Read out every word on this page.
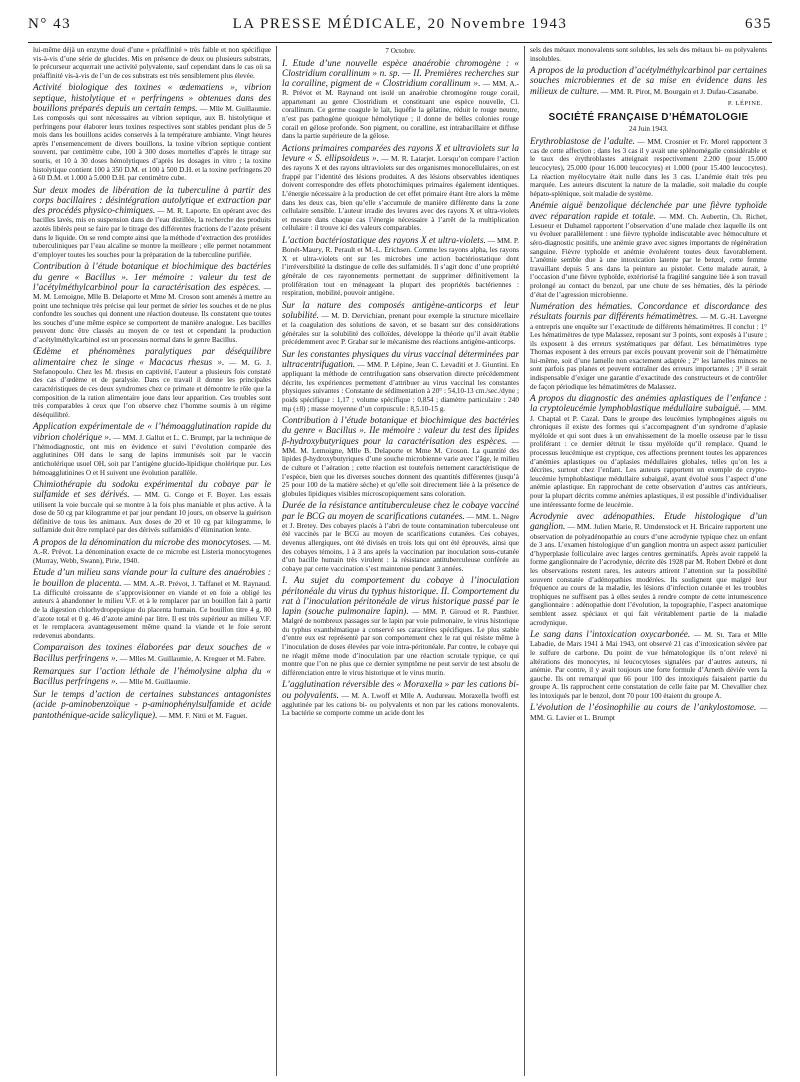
N° 43	LA PRESSE MÉDICALE, 20 Novembre 1943	635

lui-même déjà un enzyme doué d’une « préaffinité » très faible et non spécifique vis-à-vis d’une série de glucides. Mis en présence de deux ou plusieurs substrats, le précurseur acquerrait une activité polyvalente, sauf cependant dans le cas où sa préaffinité vis-à-vis de l’un de ces substrats est très sensiblement plus élevée.

Activité biologique des toxines « œdematiens », vibrion septique, histolytique et « perfringens » obtenues dans des bouillons préparés depuis un certain temps. — Mlle M. Guillaumie. Les composés qui sont nécessaires au vibrion septique, aux B. histolytique et perfringens pour élaborer leurs toxines respectives sont stables pendant plus de 5 mois dans les bouillons acides conservés à la température ambiante. Vingt heures après l’ensemencement de divers bouillons, la toxine vibrion septique contient souvent, par centimètre cube, 100 à 300 doses mortelles d’après le titrage sur souris, et 10 à 30 doses hémolytiques d’après les dosages in vitro ; la toxine histolytique contient 100 à 350 D.M. et 100 à 500 D.H. et la toxine perfringens 20 à 60 D.M. et 1.000 à 5.000 D.H. par centimètre cube.

Sur deux modes de libération de la tuberculine à partir des corps bacillaires : désintégration autolytique et extraction par des procédés physico-chimiques. — M. R. Laporte. En opérant avec des bacilles lavés, mis en suspension dans de l’eau distillée, la recherche des produits azotés libérés peut se faire par le titrage des différentes fractions de l’azote présent dans le liquide. On se rend compte ainsi que la méthode d’extraction des protéides tuberculiniques par l’eau alcaline se montre la meilleure ; elle permet notamment d’employer toutes les souches pour la préparation de la tuberculine purifiée.

Contribution à l’étude botanique et biochimique des bactéries du genre « Bacillus ». 1er mémoire : valeur du test de l’acétylméthylcarbinol pour la caractérisation des espèces. — M. M. Lemoigne, Mlle B. Delaporte et Mme M. Croson sont amenés à mettre au point une technique très précise qui leur permet de sérier les souches et de ne plus confondre les souches qui donnent une réaction douteuse. Ils constatent que toutes les souches d’une même espèce se comportent de manière analogue. Les bacilles peuvent donc être classés au moyen de ce test et cependant la production d’acétylméthylcarbinol est un processus normal dans le genre Bacillus.

Œdème et phénomènes paralytiques par déséquilibre alimentaire chez le singe « Macacus rhesus ». — M. G. J. Stefanopoulo. Chez les M. rhesus en captivité, l’auteur a plusieurs fois constaté des cas d’œdème et de paralysie. Dans ce travail il donne les principales caractéristiques de ces deux syndromes chez ce primate et démontre le rôle que la composition de la ration alimentaire joue dans leur apparition. Ces troubles sont très comparables à ceux que l’on observe chez l’homme soumis à un régime déséquilibré.

Application expérimentale de « l’hémoagglutination rapide du vibrion cholérique ». — MM. J. Gallut et L. C. Brumpt, par la technique de l’hémodiagnostic, ont mis en évidence et suivi l’évolution comparée des agglutinines OH dans le sang de lapins immunisés soit par le vaccin anticholérique usuel OH, soit par l’antigène glucido-lipidique cholérique pur. Les hémoagglutinines O et H suivent une évolution parallèle.

Chimiothérapie du sodoku expérimental du cobaye par le sulfamide et ses dérivés. — MM. G. Conge et F. Boyer. Les essais utilisent la voie buccale qui se montre à la fois plus maniable et plus active. À la dose de 50 cg par kilogramme et par jour pendant 10 jours, on observe la guérison définitive de tous les animaux. Aux doses de 20 et 10 cg par kilogramme, le sulfamide doit être remplacé par des dérivés sulfamidés d’élimination lente.

A propos de la dénomination du microbe des monocytoses. — M. A.-R. Prévot. La dénomination exacte de ce microbe est Listeria monocytogenes (Murray, Webb, Swann), Pirie, 1940.

Etude d’un milieu sans viande pour la culture des anaérobies : le bouillon de placenta. — MM. A.-R. Prévot, J. Taffanel et M. Raynaud. La difficulté croissante de s’approvisionner en viande et en foie a obligé les auteurs à abandonner le milieu V.F. et à le remplacer par un bouillon fait à partir de la digestion chlorhydropepsique du placenta humain. Ce bouillon titre 4 g. 80 d’azote total et 0 g. 46 d’azote aminé par litre. Il est très supérieur au milieu V.F. et le remplacera avantageusement même quand la viande et le foie seront redevenus abondants.

Comparaison des toxines élaborées par deux souches de « Bacillus perfringens ». — Mlles M. Guillaumie, A. Kreguer et M. Fabre.

Remarques sur l’action léthale de l’hémolysine alpha du « Bacillus perfringens ». — Mlle M. Guillaumie.

Sur le temps d’action de certaines substances antagonistes (acide p-aminobenzoïque - p-aminophénylsulfamide et acide pantothénique-acide salicylique). — MM. F. Nitti et M. Faguet.

7 Octobre.

I. Etude d’une nouvelle espèce anaérobie chromogène : « Clostridium corallinum » n. sp. — II. Premières recherches sur la coralline, pigment de « Clostridium corallinum ». — MM. A.-R. Prévot et M. Raynaud ont isolé un anaérobie chromogène rouge corail, appartenant au genre Clostridium et constituant une espèce nouvelle, Cl. corallinum. Ce germe coagule le lait, liquéfie la gélatine, réduit le rouge neutre, n’est pas pathogène quoique hémolytique ; il donne de belles colonies rouge corail en gélose profonde. Son pigment, ou coralline, est intrabacillaire et diffuse dans la partie supérieure de la gélose.

Actions primaires comparées des rayons X et ultraviolets sur la levure « S. ellipsoideus ». — M. R. Latarjet. Lorsqu’on compare l’action des rayons X et des rayons ultraviolets sur des organismes monocellulaires, on est frappé par l’identité des lésions produites. A des lésions observables identiques doivent correspondre des effets photochimiques primaires également identiques. L’énergie nécessaire à la production de cet effet primaire étant être alors la même dans les deux cas, bien qu’elle s’accumule de manière différente dans la zone cellulaire sensible. L’auteur irradie des levures avec des rayons X et ultra-violets et mesure dans chaque cas l’énergie nécessaire à l’arrêt de la multiplication cellulaire : il trouve ici des valeurs comparables.

L’action bactériostatique des rayons X et ultra-violets. — MM. P. Bonét-Maury, R. Perault et M.-L. Erichsen. Comme les rayons alpha, les rayons X et ultra-violets ont sur les microbes une action bactériostatique dont l’irréversibilité la distingue de celle des sulfamidés. Il s’agit donc d’une propriété générale de ces rayonnements permettant de supprimer définitivement la prolifération tout en ménageant la plupart des propriétés bactériennes : respiration, mobilité, pouvoir antigène.

Sur la nature des composés antigène-anticorps et leur solubilité. — M. D. Dervichian, prenant pour exemple la structure micellaire et la coagulation des solutions de savon, et se basant sur des considérations générales sur la solubilité des colloïdes, développe la théorie qu’il avait établie précédemment avec P. Grabar sur le mécanisme des réactions antigène-anticorps.

Sur les constantes physiques du virus vaccinal déterminées par ultracentrifugation. — MM. P. Lépine, Jean C. Levaditi et J. Giuntini. En appliquant la méthode de centrifugation sans observation directe précédemment décrite, les expériences permettent d’attribuer au virus vaccinal les constantes physiques suivantes : Constante de sédimentation à 20° : 54,10-13 cm./sec./dyne ; poids spécifique : 1,17 ; volume spécifique : 0,854 ; diamètre particulaire : 240 mμ (±8) ; masse moyenne d’un corpuscule : 8,5.10-15 g.

Contribution à l’étude botanique et biochimique des bactéries du genre « Bacillus ». IIe mémoire : valeur du test des lipides β-hydroxybutyriques pour la caractérisation des espèces. — MM. M. Lemoigne, Mlle B. Delaporte et Mme M. Croson. La quantité des lipides β-hydroxybutyriques d’une souche microbienne varie avec l’âge, le milieu de culture et l’aération ; cette réaction est toutefois nettement caractéristique de l’espèce, bien que les diverses souches donnent des quantités différentes (jusqu’à 25 pour 100 de la matière sèche) et qu’elle soit directement liée à la présence de globules lipidiques visibles microscopiquement sans coloration.

Durée de la résistance antituberculeuse chez le cobaye vacciné par le BCG au moyen de scarifications cutanées. — MM. L. Nègre et J. Bretey. Des cobayes placés à l’abri de toute contamination tuberculeuse ont été vaccinés par le BCG au moyen de scarifications cutanées. Ces cobayes, devenus allergiques, ont été divisés en trois lots qui ont été éprouvés, ainsi que des cobayes témoins, 1 à 3 ans après la vaccination par inoculation sous-cutanée d’un bacille humain très virulent : la résistance antituberculeuse conférée au cobaye par cette vaccination s’est maintenue pendant 3 années.

I. Au sujet du comportement du cobaye à l’inoculation péritonéale du virus du typhus historique. II. Comportement du rat à l’inoculation péritonéale de virus historique passé par le lapin (souche pulmonaire lapin). — MM. P. Giroud et R. Panthier. Malgré de nombreux passages sur le lapin par voie pulmonaire, le virus historique du typhus exanthématique a conservé ses caractères spécifiques. Le plus stable d’entre eux est représenté par son comportement chez le rat qui résiste même à l’inoculation de doses élevées par voie intra-péritonéale. Par contre, le cobaye qui ne réagit même mode d’inoculation par une réaction scrotale typique, ce qui montre que l’on ne plus que ce dernier symptôme ne peut servir de test absolu de différenciation entre le virus historique et le virus murin.

L’agglutination réversible des « Moraxella » par les cations bi- ou polyvalents. — M. A. Lwoff et Mlle A. Audureau. Moraxella lwoffi est agglutinée par les cations bi- ou polyvalents et non par les cations monovalents. La bactérie se comporte comme un acide dont les

sels des métaux monovalents sont solubles, les sels des métaux bi- ou polyvalents insolubles.

A propos de la production d’acétylméthylcarbinol par certaines souches microbiennes et de sa mise en évidence dans les milieux de culture. — MM. R. Pirot, M. Bourgain et J. Dufau-Casanabe.

P. LÉPINE.
SOCIÉTÉ FRANÇAISE D’HÉMATOLOGIE
24 Juin 1943.

Erythroblastose de l’adulte. — MM. Crosnier et Fr. Morel rapportent 3 cas de cette affection ; dans les 3 cas il y avait une splénomégalie considérable et le taux des érythroblastes atteignait respectivement 2.200 (pour 15.000 leucocytes), 25.000 (pour 16.000 leucocytes) et 1.000 (pour 15.400 leucocytes). La réaction myélocytaire était nulle dans les 3 cas. L’anémie était très peu marquée. Les auteurs discutent la nature de la maladie, soit maladie du couple hépato-splénique, soit maladie de système.

Anémie aiguë benzolique déclenchée par une fièvre typhoïde avec réparation rapide et totale. — MM. Ch. Aubertin, Ch. Richet, Lesueur et Duhamel rapportent l’observation d’une malade chez laquelle ils ont vu évoluer parallèlement : une fièvre typhoïde indiscutable avec hémoculture et séro-diagnostic positifs, une anémie grave avec signes importants de régénération sanguine. Fièvre typhoïde et anémie évoluèrent toutes deux favorablement. L’anémie semble due à une intoxication latente par le benzol, cette femme travaillant depuis 5 ans dans la peinture au pistolet. Cette malade aurait, à l’occasion d’une fièvre typhoïde, extériorisé la fragilité sanguine liée à son travail prolongé au contact du benzol, par une chute de ses hématies, dès la période d’état de l’agression microbienne.

Numération des hématies. Concordance et discordance des résultats fournis par différents hématimètres. — M. G.-H. Lavergne a entrepris une enquête sur l’exactitude de différents hématimètres. Il conclut : 1° Les hématimètres de type Malassez, reposant sur 3 points, sont exposés à l’usure ; ils exposent à des erreurs systématiques par défaut. Les hématimètres type Thomas exposent à des erreurs par excès pouvant provenir soit de l’hématimètre lui-même, soit d’une lamelle non exactement adaptée ; 2° les lamelles minces ne sont parfois pas planes et peuvent entraîner des erreurs importantes ; 3° il serait indispensable d’exiger une garantie d’exactitude des constructeurs et de contrôler de façon périodique les hématimètres de Malassez.

A propos du diagnostic des anémies aplastiques de l’enfance : la cryptoleucémie lymphoblastique médullaire subaiguë. — MM. J. Chaptal et P. Cazal. Dans le groupe des leucémies lymphogènes aiguës ou chroniques il existe des formes qui s’accompagnent d’un syndrome d’aplasie myéloïde et qui sont dues à un envahissement de la moelle osseuse par le tissu proliférant : ce dernier détruit le tissu myéloïde qu’il remplace. Quand le processus leucémique est cryptique, ces affections prennent toutes les apparences d’anémies aplastiques ou d’aplasies médullaires globales, telles qu’on les a décrites, surtout chez l’enfant. Les auteurs rapportent un exemple de crypto-leucémie lymphoblastique médullaire subaiguë, ayant évolué sous l’aspect d’une anémie aplastique. En rapprochant de cette observation d’autres cas antérieurs, pour la plupart décrits comme anémies aplastiques, il est possible d’individualiser une intéressante forme de leucémie.

Acrodynie avec adénopathies. Etude histologique d’un ganglion. — MM. Julien Marie, R. Umdenstock et H. Bricaire rapportent une observation de polyadénopathie au cours d’une acrodynie typique chez un enfant de 3 ans. L’examen histologique d’un ganglion montra un aspect assez particulier d’hyperplasie folliculaire avec larges centres germinatifs. Après avoir rappelé la forme ganglionnaire de l’acrodynie, décrite dès 1928 par M. Robert Debré et dont les observations restent rares, les auteurs attirent l’attention sur la possibilité souvent constatée d’adénopathies modérées. Ils soulignent que malgré leur fréquence au cours de la maladie, les lésions d’infection cutanée et les troubles trophiques ne suffisent pas à elles seules à rendre compte de cette intumescence ganglionnaire : adénopathie dont l’évolution, la topographie, l’aspect anatomique semblent assez spéciaux et qui fait véritablement partie de la maladie acrodynique.

Le sang dans l’intoxication oxycarbonée. — M. St. Tara et Mlle Labadie, de Mars 1941 à Mai 1943, ont observé 21 cas d’intoxication sévère par le sulfure de carbone. Du point de vue hématologique ils n’ont relevé ni altérations des monocytes, ni leucocytoses signalées par d’autres auteurs, ni anémie. Par contre, il y avait toujours une forte formule d’Arneth déviée vers la gauche. Ils ont remarqué que 66 pour 100 des intoxiqués faisaient partie du groupe A. Ils rapprochent cette constatation de celle faite par M. Chevallier chez les intoxiqués par le benzol, dont 70 pour 100 étaient du groupe A.

L’évolution de l’éosinophilie au cours de l’ankylostomose. — MM. G. Lavier et L. Brumpt
